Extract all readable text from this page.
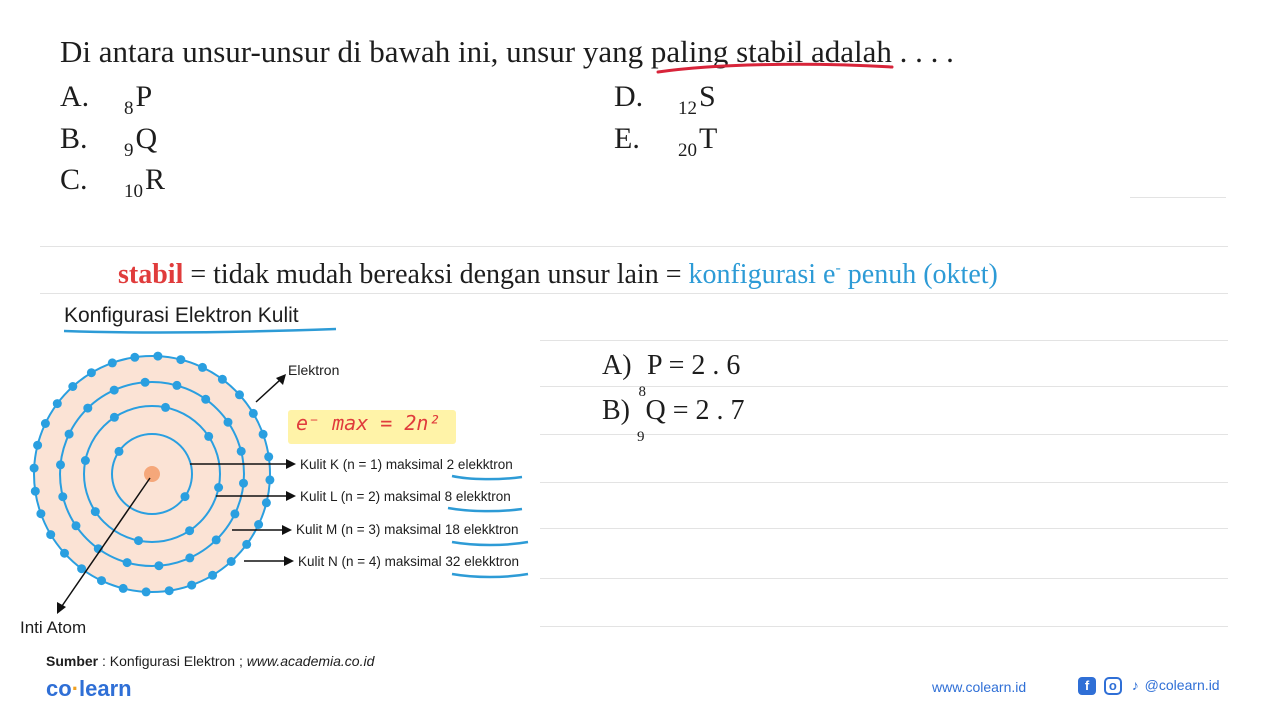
Di antara unsur-unsur di bawah ini, unsur yang paling stabil adalah . . . .
A. $_8$P
B. $_9$Q
C. $_{10}$R
D. $_{12}$S
E. $_{20}$T
stabil = tidak mudah bereaksi dengan unsur lain = konfigurasi e- penuh (oktet)
Konfigurasi Elektron Kulit
Elektron
e⁻ max = 2n²
Kulit K (n = 1) maksimal 2 elekktron
Kulit L (n = 2) maksimal 8 elekktron
Kulit M (n = 3) maksimal 18 elekktron
Kulit N (n = 4) maksimal 32 elekktron
Inti Atom
Sumber : Konfigurasi Elektron ; www.academia.co.id
A) $_8$P = 2 . 6
B) $_9$Q = 2 . 7
co·learn	www.colearn.id	f o ♪ @colearn.id
